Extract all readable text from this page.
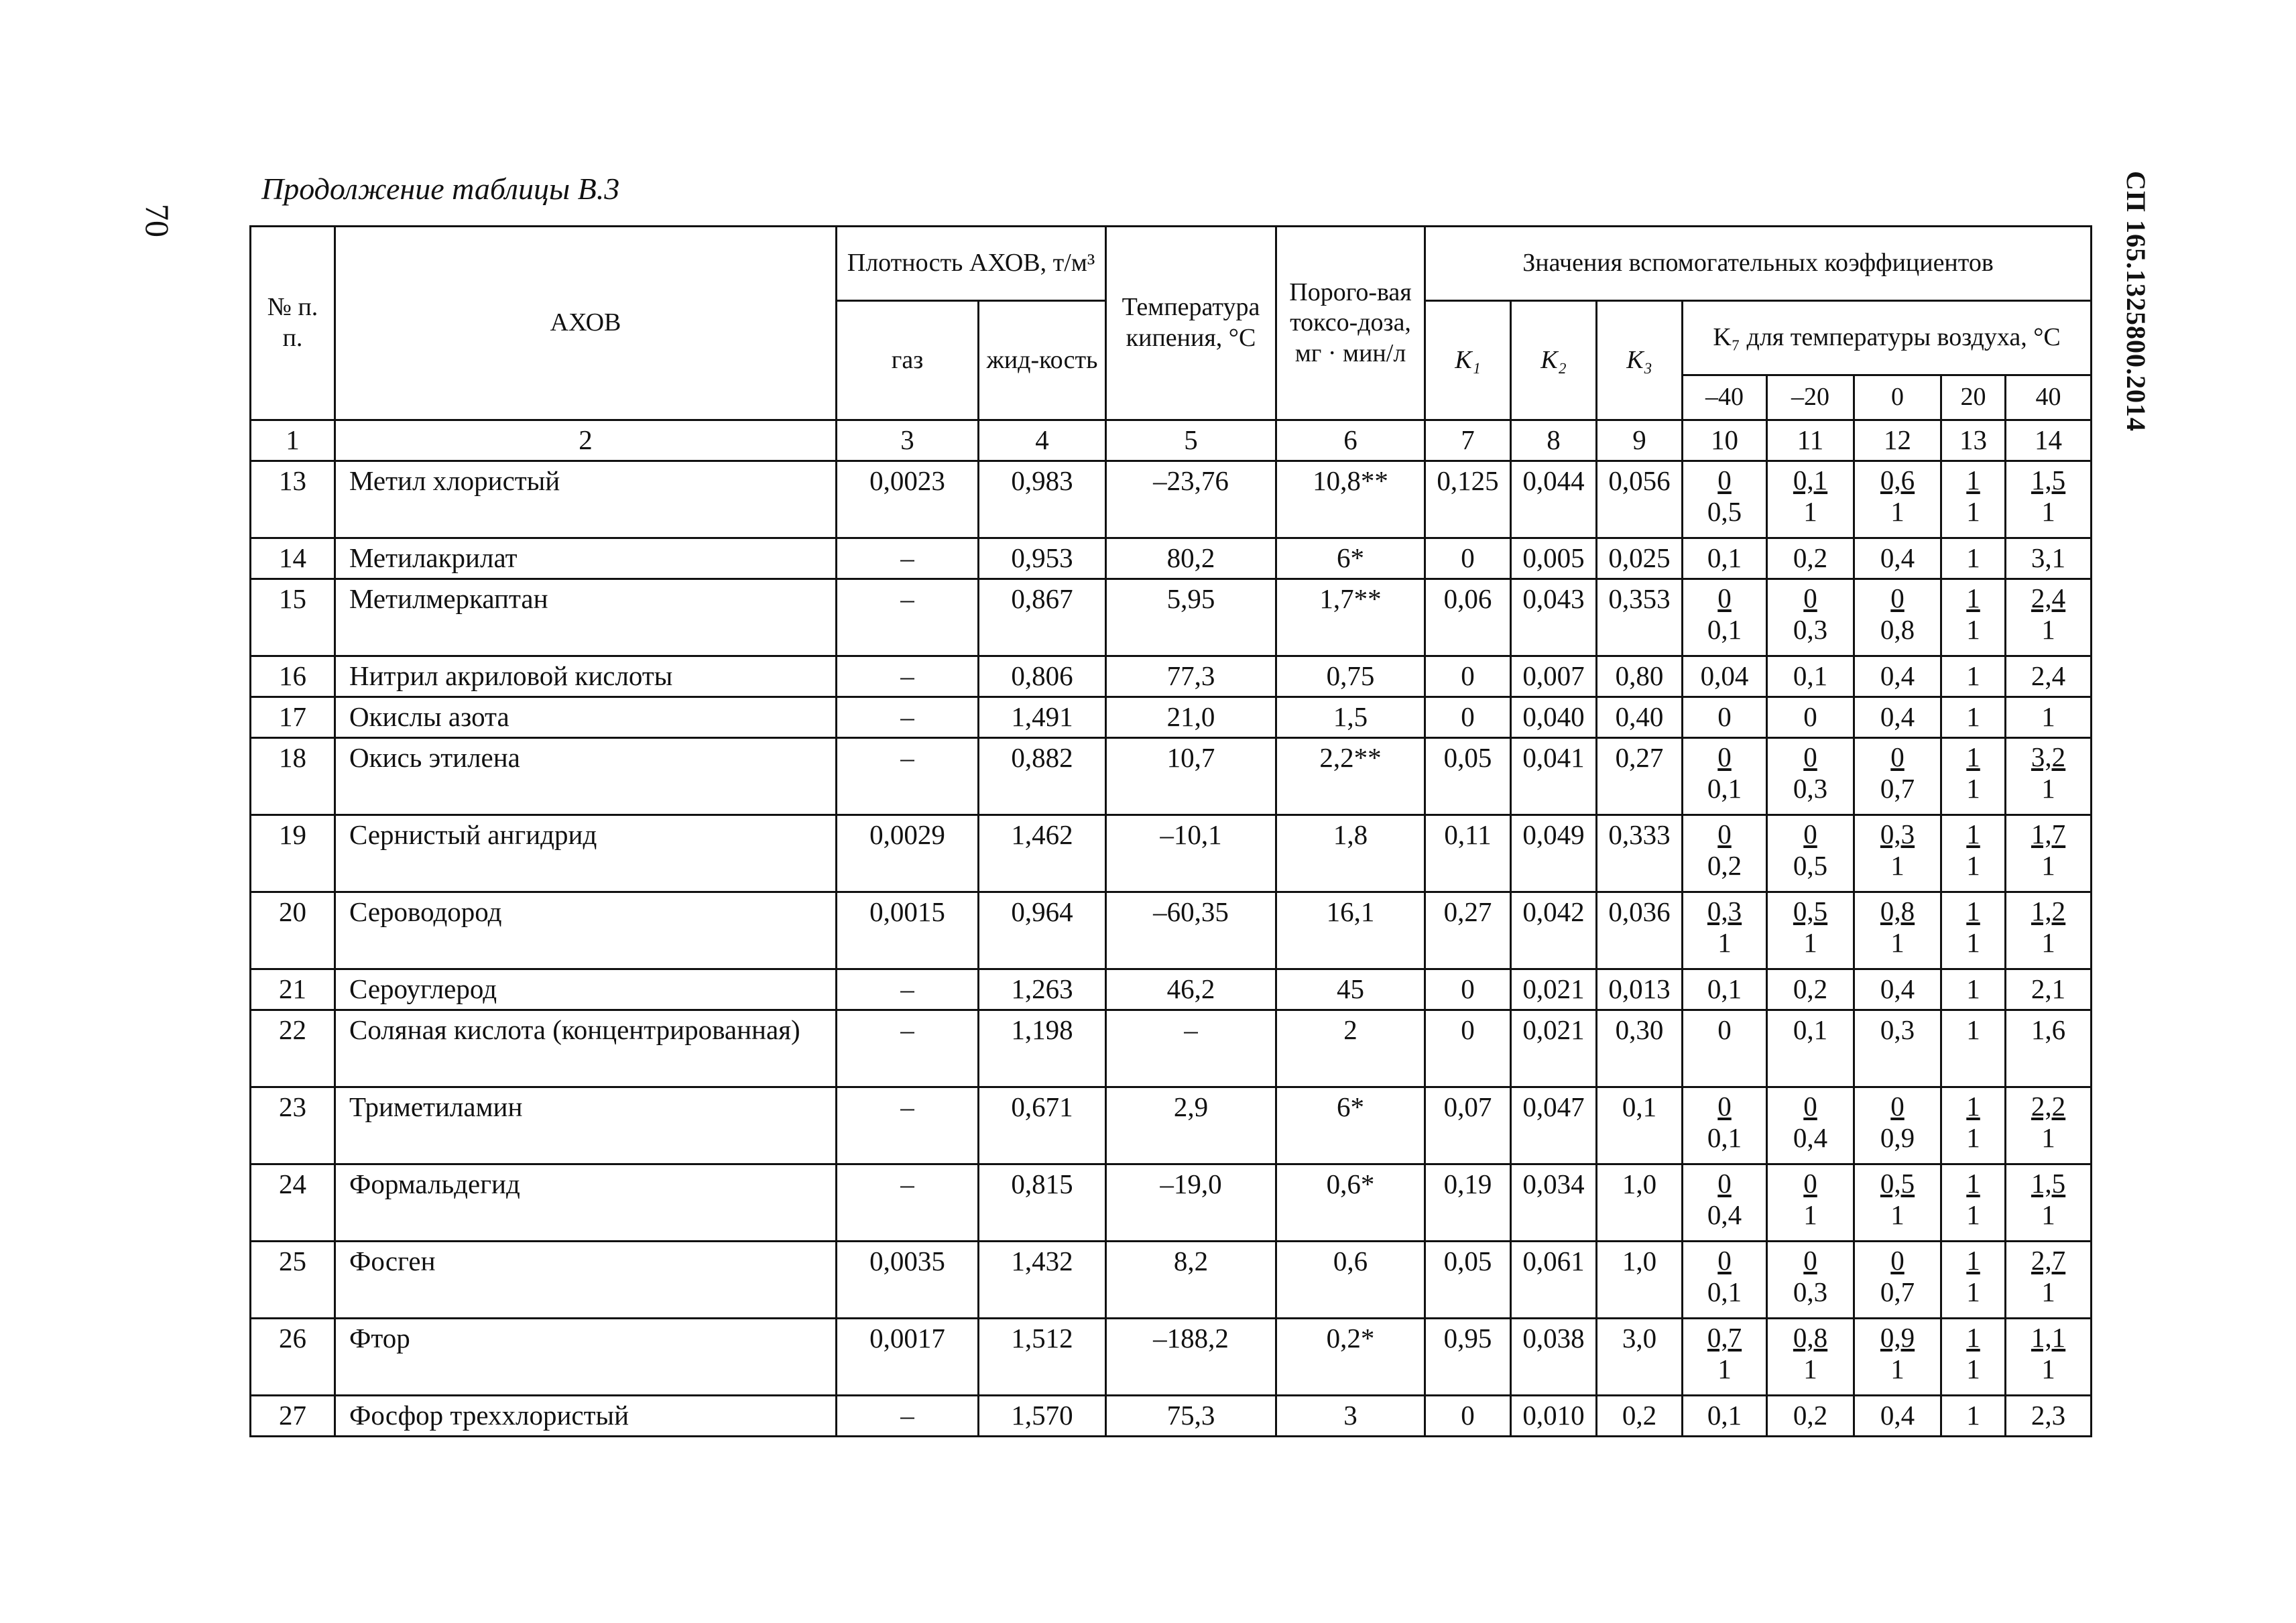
70
Продолжение таблицы В.3	СП 165.1325800.2014
№ п. п.	АХОВ	Плотность АХОВ, т/м³		Температура кипения, °С	Порого-вая токсо-доза, мг · мин/л	Значения вспомогательных коэффициентов							
		газ	жид-кость			K₁	K₂	K₃	K₇ для температуры воздуха, °С				
									–40	–20	0	20	40
1	2	3	4	5	6	7	8	9	10	11	12	13	14
13	Метил хлористый	0,0023	0,983	–23,76	10,8**	0,125	0,044	0,056	$\frac{0}{0,5}$	$\frac{0,1}{1}$	$\frac{0,6}{1}$	$\frac{1}{1}$	$\frac{1,5}{1}$

14	Метилакрилат	–	0,953	80,2	6*	0	0,005	0,025	0,1	0,2	0,4	1	3,1
15	Метилмеркаптан	–	0,867	5,95	1,7**	0,06	0,043	0,353	$\frac{0}{0,1}$	$\frac{0}{0,3}$	$\frac{0}{0,8}$	$\frac{1}{1}$	$\frac{2,4}{1}$

16	Нитрил акриловой кислоты	–	0,806	77,3	0,75	0	0,007	0,80	0,04	0,1	0,4	1	2,4
17	Окислы азота	–	1,491	21,0	1,5	0	0,040	0,40	0	0	0,4	1	1
18	Окись этилена	–	0,882	10,7	2,2**	0,05	0,041	0,27	$\frac{0}{0,1}$	$\frac{0}{0,3}$	$\frac{0}{0,7}$	$\frac{1}{1}$	$\frac{3,2}{1}$

19	Сернистый ангидрид	0,0029	1,462	–10,1	1,8	0,11	0,049	0,333	$\frac{0}{0,2}$	$\frac{0}{0,5}$	$\frac{0,3}{1}$	$\frac{1}{1}$	$\frac{1,7}{1}$

20	Сероводород	0,0015	0,964	–60,35	16,1	0,27	0,042	0,036	$\frac{0,3}{1}$	$\frac{0,5}{1}$	$\frac{0,8}{1}$	$\frac{1}{1}$	$\frac{1,2}{1}$

21	Сероуглерод	–	1,263	46,2	45	0	0,021	0,013	0,1	0,2	0,4	1	2,1
22	Соляная кислота (концентрированная)	–	1,198	–	2	0	0,021	0,30	0	0,1	0,3	1	1,6
23	Триметиламин	–	0,671	2,9	6*	0,07	0,047	0,1	$\frac{0}{0,1}$	$\frac{0}{0,4}$	$\frac{0}{0,9}$	$\frac{1}{1}$	$\frac{2,2}{1}$

24	Формальдегид	–	0,815	–19,0	0,6*	0,19	0,034	1,0	$\frac{0}{0,4}$	$\frac{0}{1}$	$\frac{0,5}{1}$	$\frac{1}{1}$	$\frac{1,5}{1}$

25	Фосген	0,0035	1,432	8,2	0,6	0,05	0,061	1,0	$\frac{0}{0,1}$	$\frac{0}{0,3}$	$\frac{0}{0,7}$	$\frac{1}{1}$	$\frac{2,7}{1}$

26	Фтор	0,0017	1,512	–188,2	0,2*	0,95	0,038	3,0	$\frac{0,7}{1}$	$\frac{0,8}{1}$	$\frac{0,9}{1}$	$\frac{1}{1}$	$\frac{1,1}{1}$

27	Фосфор треххлористый	–	1,570	75,3	3	0	0,010	0,2	0,1	0,2	0,4	1	2,3
